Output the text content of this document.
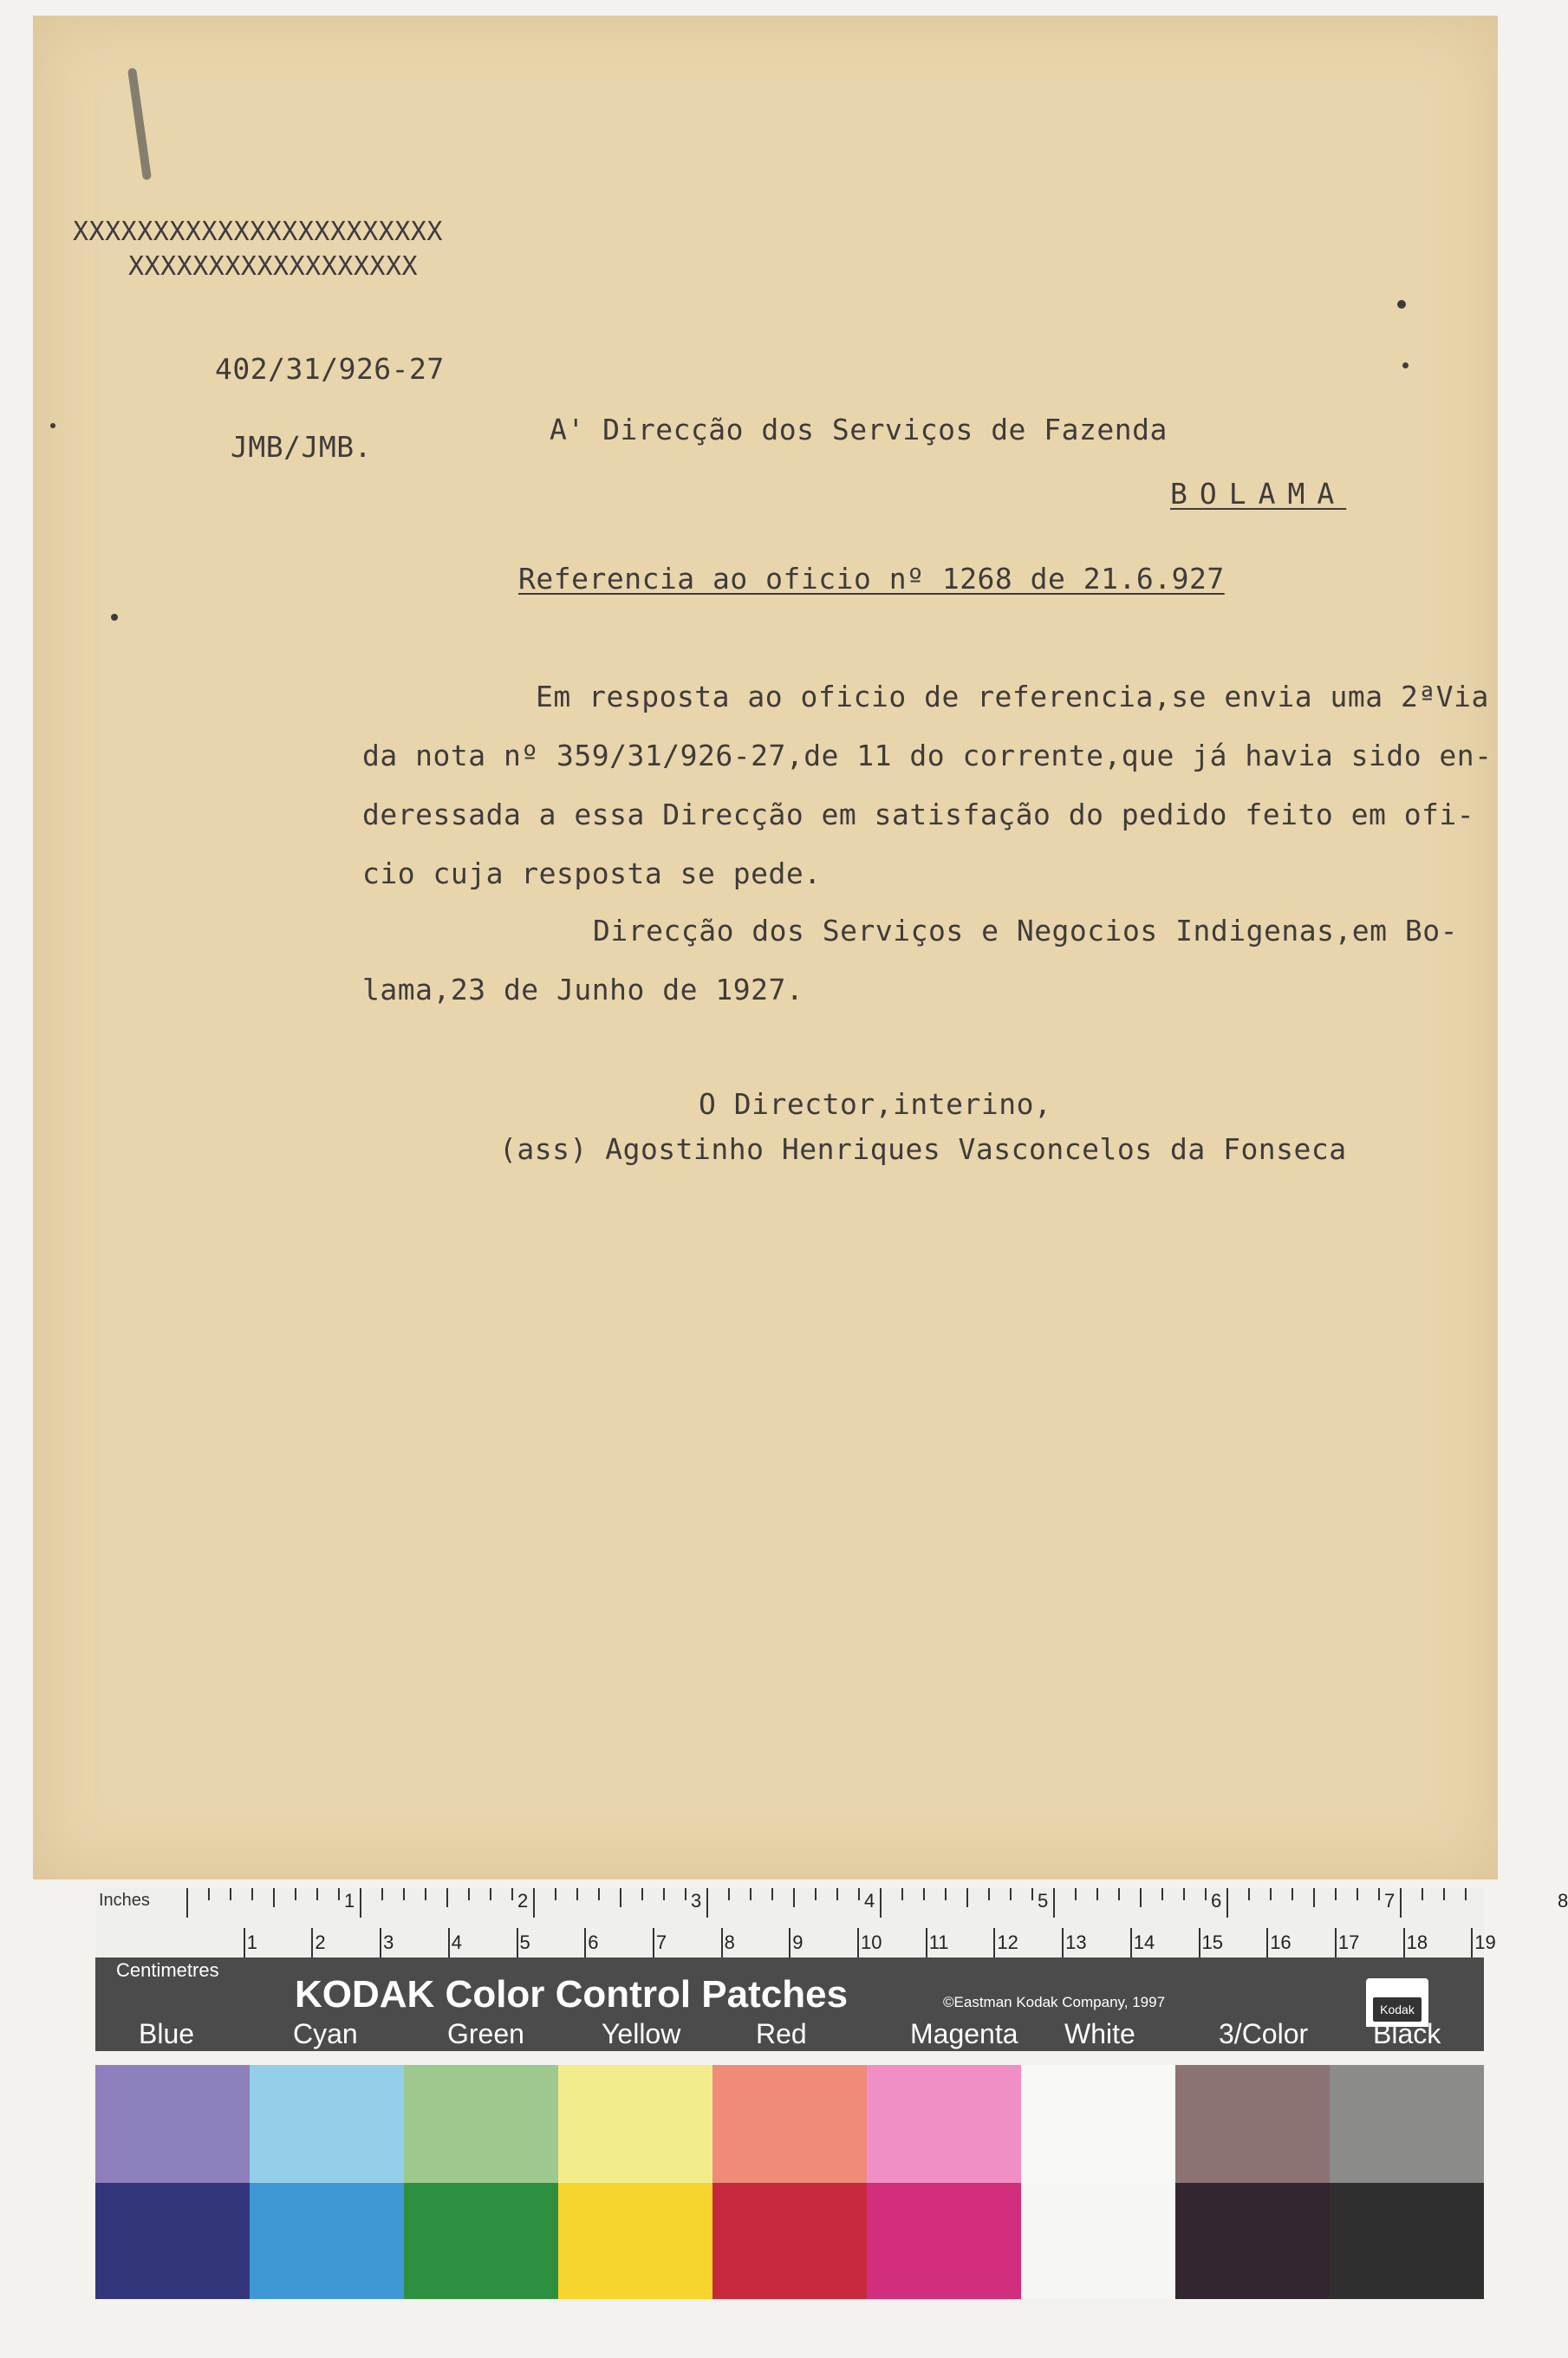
XXXXXXXXXXXXXXXXXXXXXXX
XXXXXXXXXXXXXXXXXX
402/31/926-27
JMB/JMB.
A' Direcção dos Serviços de Fazenda
BOLAMA
Referencia ao oficio nº 1268 de 21.6.927
Em resposta ao oficio de referencia,se envia uma 2ªVia
da nota nº 359/31/926-27,de 11 do corrente,que já havia sido en-
deressada a essa Direcção em satisfação do pedido feito em ofi-
cio cuja resposta se pede.
Direcção dos Serviços e Negocios Indigenas,em Bo-
lama,23 de Junho de 1927.
O Director,interino,
(ass) Agostinho Henriques Vasconcelos da Fonseca
Inches	1	2	3	4	5	6	7	8
1	2	3	4	5	6	7	8	9	10 11	12 13 14 15 16 17 18 19
Centimetres
KODAK Color Control Patches	©Eastman Kodak Company, 1997	Kodak
Blue	Cyan	Green	Yellow	Red	Magenta White	3/Color Black
